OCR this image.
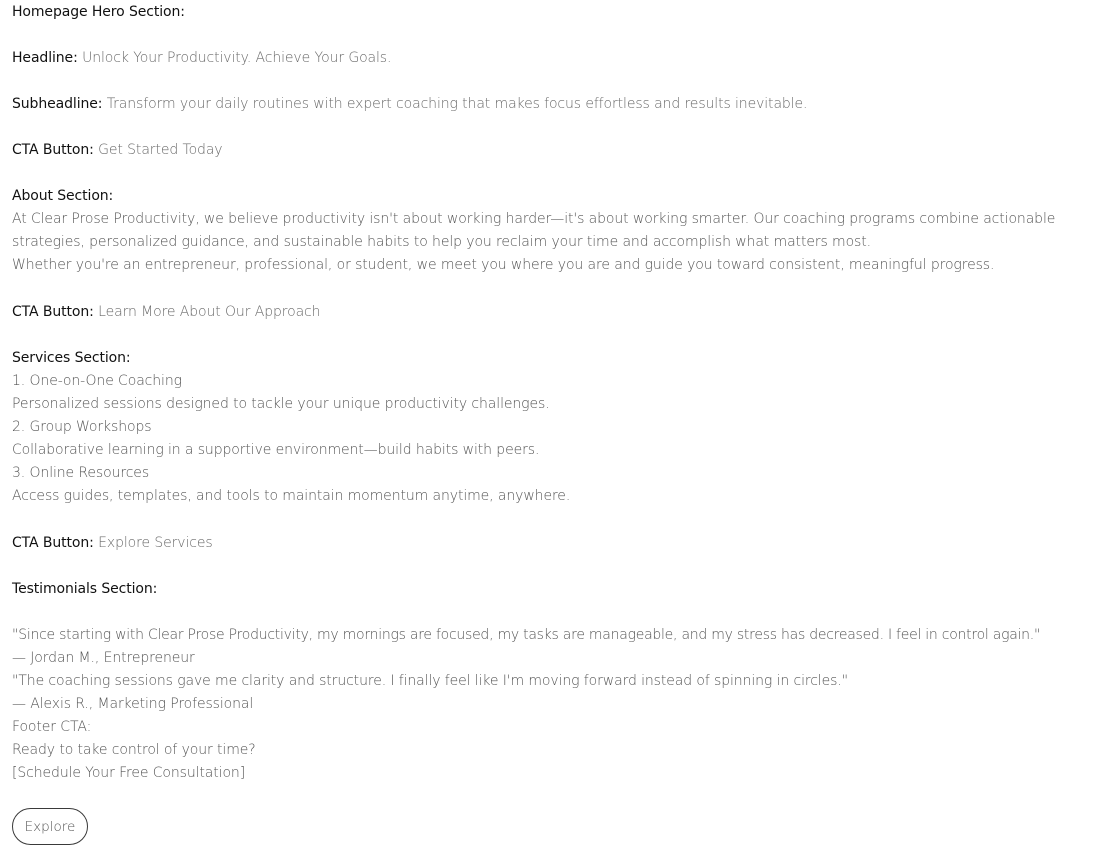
Homepage Hero Section:
Headline: Unlock Your Productivity. Achieve Your Goals.
Subheadline: Transform your daily routines with expert coaching that makes focus effortless and results inevitable.
CTA Button: Get Started Today
About Section:
At Clear Prose Productivity, we believe productivity isn't about working harder—it's about working smarter. Our coaching programs combine actionable
strategies, personalized guidance, and sustainable habits to help you reclaim your time and accomplish what matters most.
Whether you're an entrepreneur, professional, or student, we meet you where you are and guide you toward consistent, meaningful progress.
CTA Button: Learn More About Our Approach
Services Section:
1. One-on-One Coaching
Personalized sessions designed to tackle your unique productivity challenges.
2. Group Workshops
Collaborative learning in a supportive environment—build habits with peers.
3. Online Resources
Access guides, templates, and tools to maintain momentum anytime, anywhere.
CTA Button: Explore Services
Testimonials Section:
"Since starting with Clear Prose Productivity, my mornings are focused, my tasks are manageable, and my stress has decreased. I feel in control again."
— Jordan M., Entrepreneur
"The coaching sessions gave me clarity and structure. I finally feel like I'm moving forward instead of spinning in circles."
— Alexis R., Marketing Professional
Footer CTA:
Ready to take control of your time?
[Schedule Your Free Consultation]
Explore
